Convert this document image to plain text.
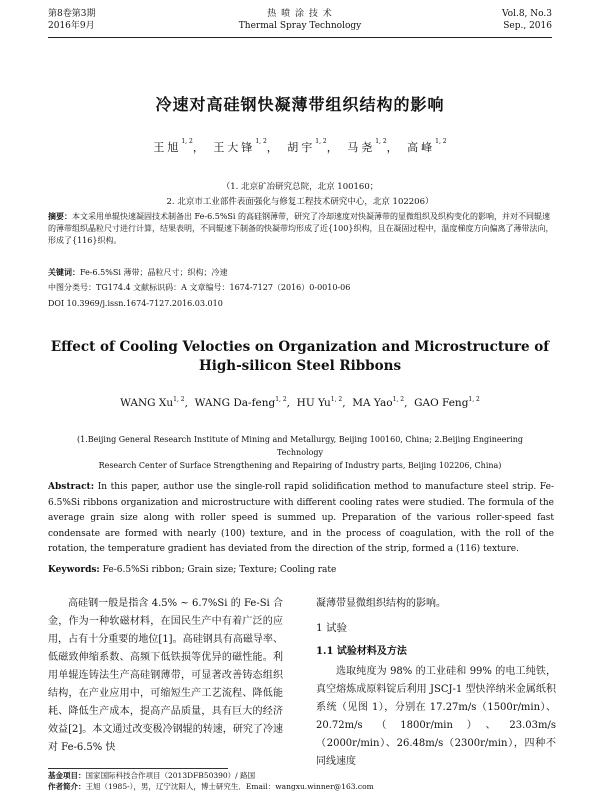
第8卷第3期
2016年9月
热 喷 涂 技 术
Thermal Spray Technology
Vol.8, No.3
Sep., 2016
冷速对高硅钢快凝薄带组织结构的影响
王旭$^{1, 2}$， 王大锋$^{1, 2}$， 胡宇$^{1, 2}$， 马尧$^{1, 2}$， 高峰$^{1, 2}$
（1. 北京矿冶研究总院，北京 100160；
2. 北京市工业部件表面强化与修复工程技术研究中心，北京 102206）
摘要：本文采用单辊快速凝固技术制备出 Fe-6.5%Si 的高硅钢薄带，研究了冷却速度对快凝薄带的显微组织及织构变化的影响，并对不同辊速的薄带组织晶粒尺寸进行计算，结果表明，不同辊速下制备的快凝带均形成了近{100}织构，且在凝固过程中，温度梯度方向偏离了薄带法向，形成了{116}织构。
关键词：Fe-6.5%Si 薄带；晶粒尺寸；织构；冷速
中图分类号：TG174.4 文献标识码：A 文章编号：1674-7127（2016）0-0010-06
DOI 10.3969/j.issn.1674-7127.2016.03.010
Effect of Cooling Velocties on Organization and Microstructure of
High-silicon Steel Ribbons
WANG Xu$^{1, 2}$,  WANG Da-feng$^{1, 2}$,  HU Yu$^{1, 2}$,  MA Yao$^{1, 2}$,  GAO Feng$^{1, 2}$
(1.Beijing General Research Institute of Mining and Metallurgy, Beijing 100160, China; 2.Beijing Engineering Technology
Research Center of Surface Strengthening and Repairing of Industry parts, Beijing 102206, China)
Abstract: In this paper, author use the single-roll rapid solidification method to manufacture steel strip. Fe-6.5%Si ribbons organization and microstructure with different cooling rates were studied. The formula of the average grain size along with roller speed is summed up. Preparation of the various roller-speed fast condensate are formed with nearly (100) texture, and in the process of coagulation, with the roll of the rotation, the temperature gradient has deviated from the direction of the strip, formed a (116) texture.
Keywords: Fe-6.5%Si ribbon; Grain size; Texture; Cooling rate

高硅钢一般是指含 4.5% ~ 6.7%Si 的 Fe-Si 合金，作为一种软磁材料，在国民生产中有着广泛的应用，占有十分重要的地位[1]。高硅钢具有高磁导率、低磁致伸缩系数、高频下低铁损等优异的磁性能。利用单辊连铸法生产高硅钢薄带，可显著改善铸态组织结构，在产业应用中，可缩短生产工艺流程、降低能耗、降低生产成本，提高产品质量，具有巨大的经济效益[2]。本文通过改变极冷钢辊的转速，研究了冷速对 Fe-6.5% 快

凝薄带显微组织结构的影响。

1 试验
1.1 试验材料及方法

选取纯度为 98% 的工业硅和 99% 的电工纯铁，真空熔炼成原料锭后利用 JSCJ-1 型快淬纳米金属纸积系统（见图 1），分别在 17.27m/s（1500r/min）、20.72m/s（1800r/min）、23.03m/s（2000r/min）、26.48m/s（2300r/min），四种不同线速度

基金项目：国家国际科技合作项目（2013DFB50390）/ 路国
作者简介：王旭（1985-），男，辽宁沈阳人，博士研究生．Email：wangxu.winner@163.com
